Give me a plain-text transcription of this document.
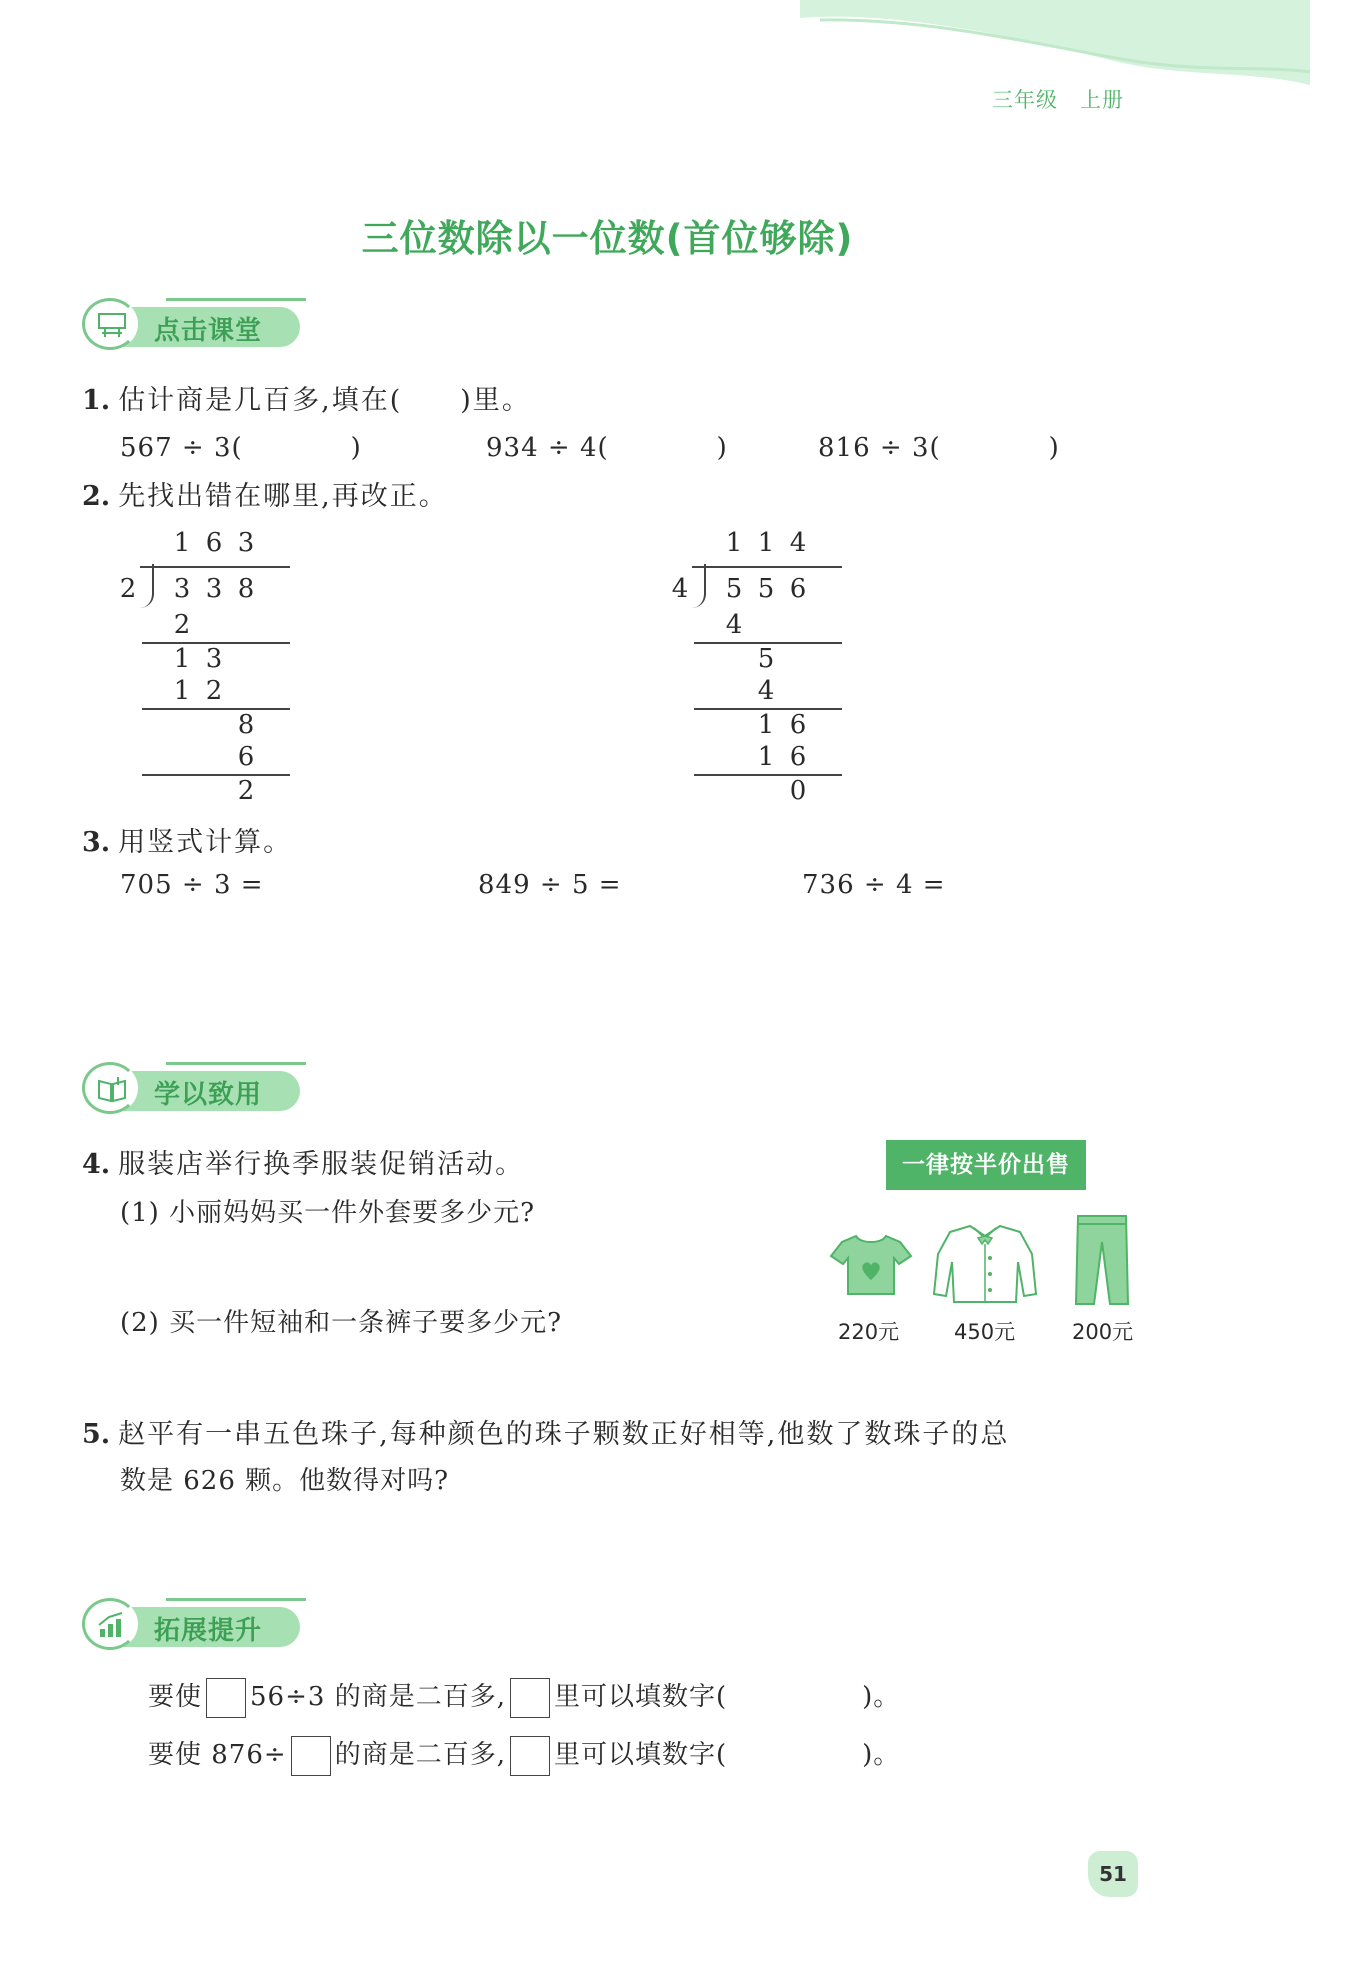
三年级　上册
三位数除以一位数(首位够除)
点击课堂
1. 估计商是几百多,填在(　　)里。
567 ÷ 3(　　　　)	934 ÷ 4(　　　　)	816 ÷ 3(　　　　)
2. 先找出错在哪里,再改正。
1 6 3
2 3 3 8
2
1 3
1 2
8
6
2
1 1 4
4 5 5 6
4
5
4
1 6
1 6
0
3. 用竖式计算。
705 ÷ 3 =	849 ÷ 5 =	736 ÷ 4 =
学以致用
4. 服装店举行换季服装促销活动。
(1) 小丽妈妈买一件外套要多少元?
(2) 买一件短袖和一条裤子要多少元?
一律按半价出售
220元	450元	200元
5. 赵平有一串五色珠子,每种颜色的珠子颗数正好相等,他数了数珠子的总
数是 626 颗。他数得对吗?
拓展提升
要使 56÷3 的商是二百多, 里可以填数字(　　　　　)。
要使 876÷ 的商是二百多, 里可以填数字(　　　　　)。
51
